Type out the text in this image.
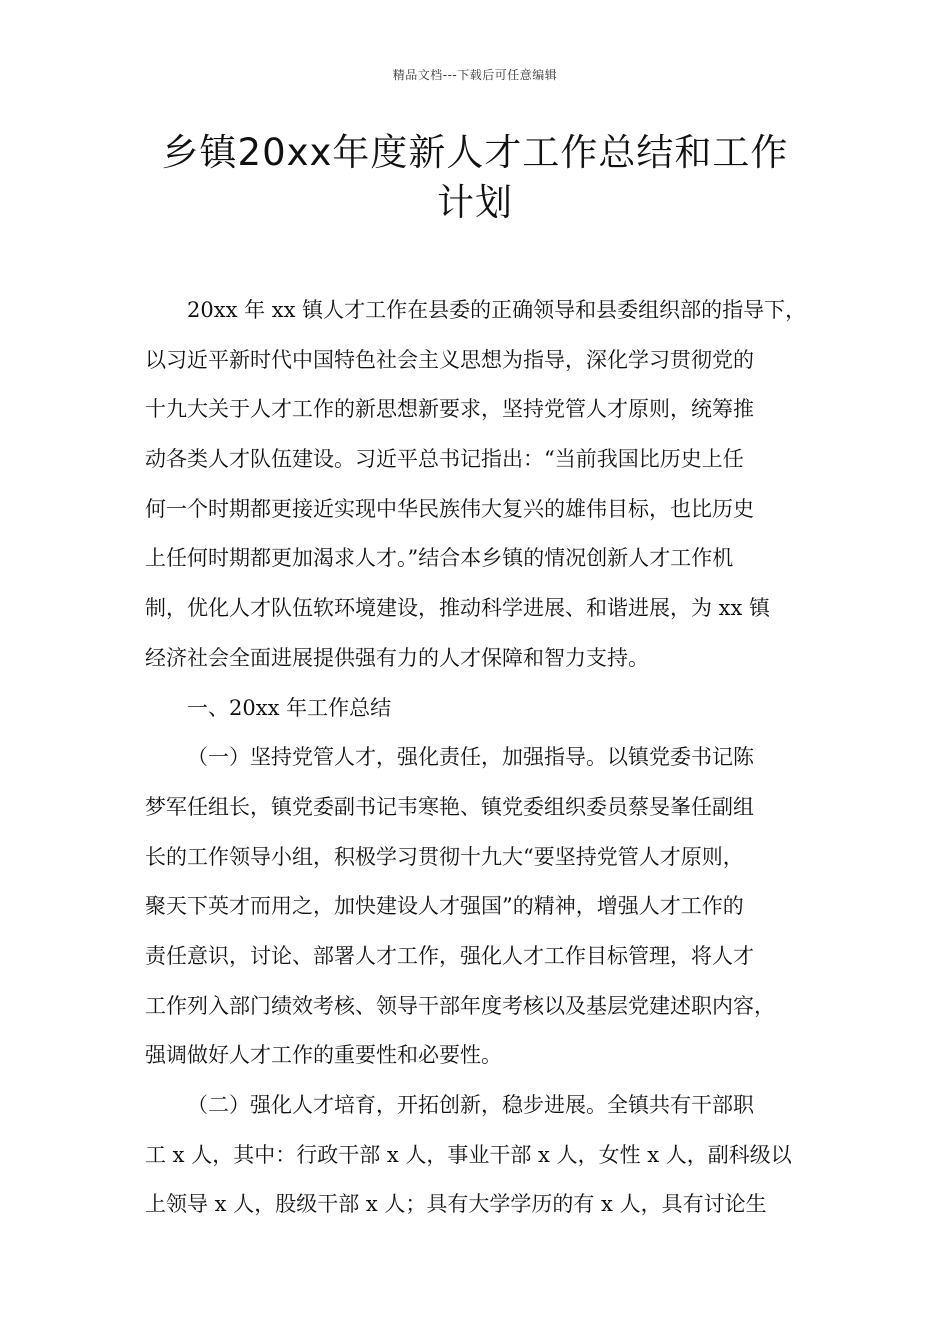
精品文档---下载后可任意编辑
乡镇20xx年度新人才工作总结和工作
计划
20xx 年 xx 镇人才工作在县委的正确领导和县委组织部的指导下，
以习近平新时代中国特色社会主义思想为指导，深化学习贯彻党的
十九大关于人才工作的新思想新要求，坚持党管人才原则，统筹推
动各类人才队伍建设。习近平总书记指出：“当前我国比历史上任
何一个时期都更接近实现中华民族伟大复兴的雄伟目标，也比历史
上任何时期都更加渴求人才。”结合本乡镇的情况创新人才工作机
制，优化人才队伍软环境建设，推动科学进展、和谐进展，为 xx 镇
经济社会全面进展提供强有力的人才保障和智力支持。
一、20xx 年工作总结
（一）坚持党管人才，强化责任，加强指导。以镇党委书记陈
梦军任组长，镇党委副书记韦寒艳、镇党委组织委员蔡旻峯任副组
长的工作领导小组，积极学习贯彻十九大“要坚持党管人才原则，
聚天下英才而用之，加快建设人才强国”的精神，增强人才工作的
责任意识，讨论、部署人才工作，强化人才工作目标管理，将人才
工作列入部门绩效考核、领导干部年度考核以及基层党建述职内容，
强调做好人才工作的重要性和必要性。
（二）强化人才培育，开拓创新，稳步进展。全镇共有干部职
工 x 人，其中：行政干部 x 人，事业干部 x 人，女性 x 人，副科级以
上领导 x 人，股级干部 x 人；具有大学学历的有 x 人，具有讨论生
